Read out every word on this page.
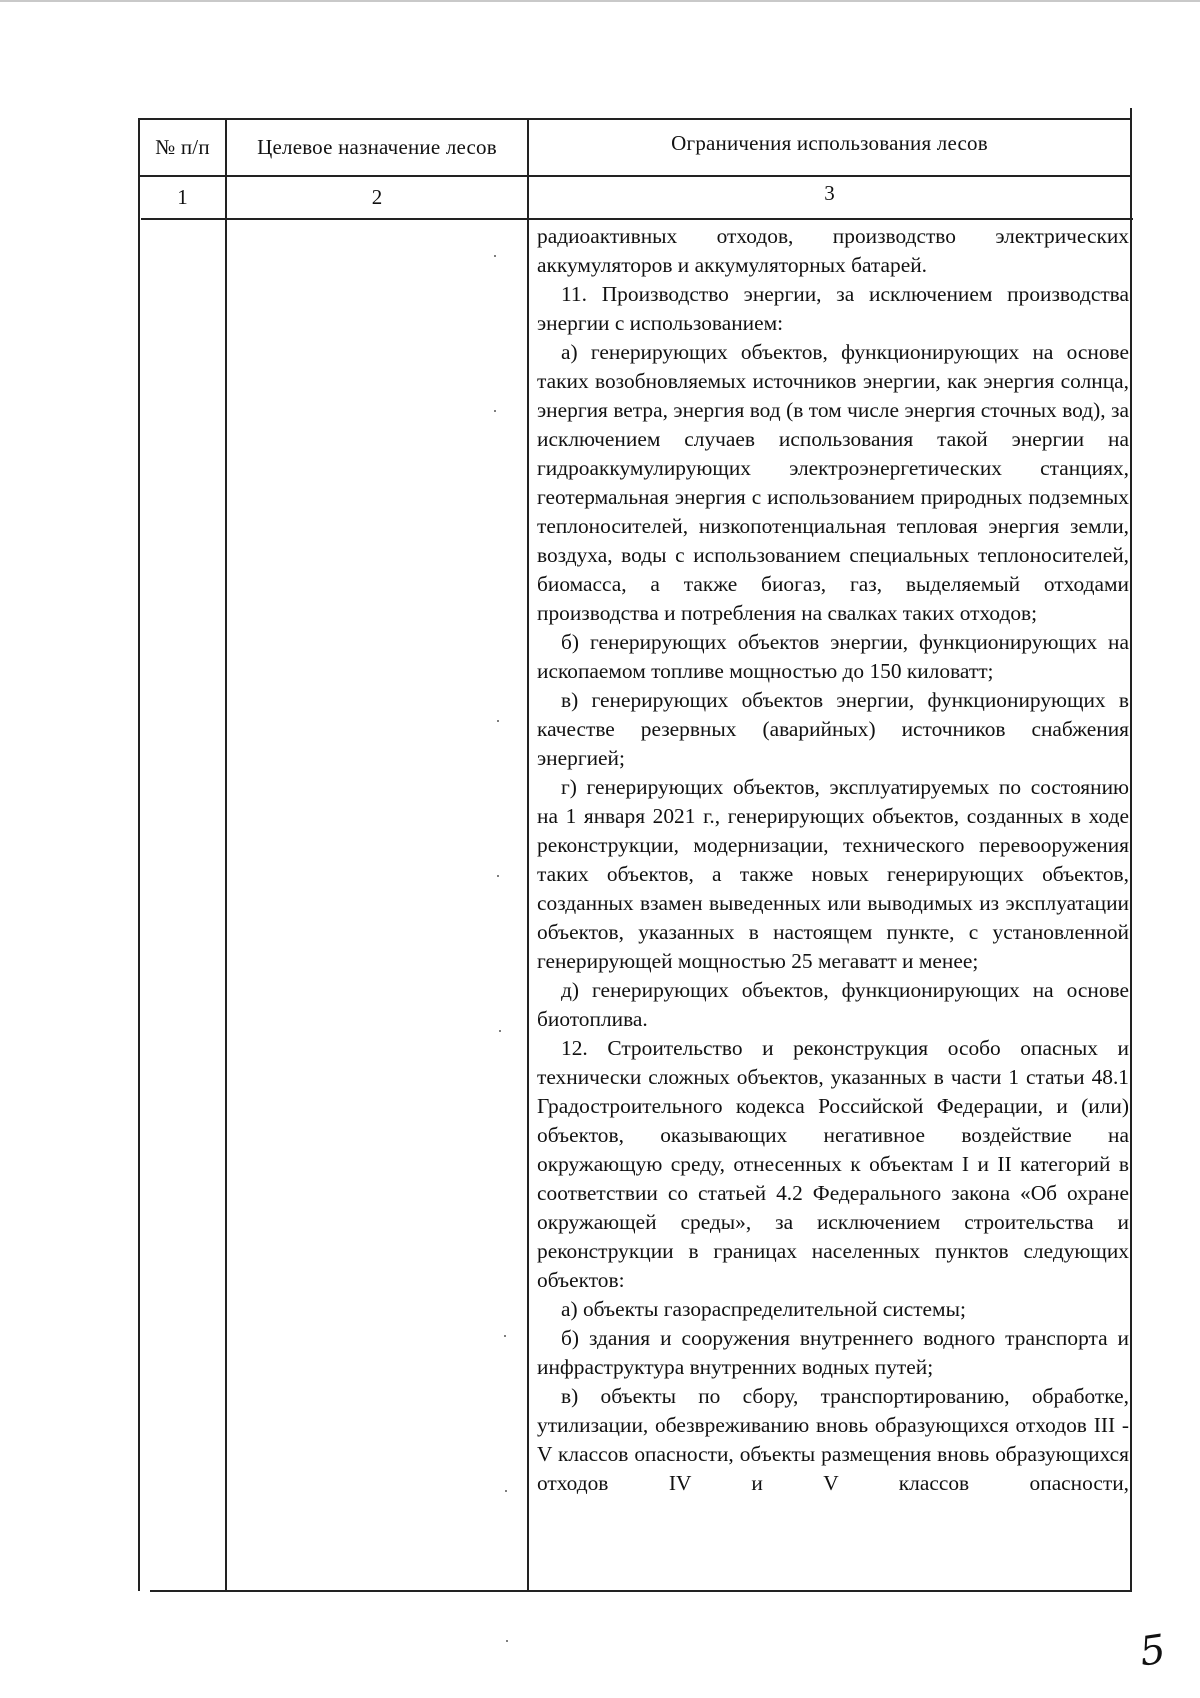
№ п/п	Целевое назначение лесов	Ограничения использования лесов
1	2	3

радиоактивных отходов, производство электрических аккумуляторов и аккумуляторных батарей.

11. Производство энергии, за исключением производства энергии с использованием:

а) генерирующих объектов, функционирующих на основе таких возобновляемых источников энергии, как энергия солнца, энергия ветра, энергия вод (в том числе энергия сточных вод), за исключением случаев использования такой энергии на гидроаккумулирующих электроэнергетических станциях, геотермальная энергия с использованием природных подземных теплоносителей, низкопотенциальная тепловая энергия земли, воздуха, воды с использованием специальных теплоносителей, биомасса, а также биогаз, газ, выделяемый отходами производства и потребления на свалках таких отходов;

б) генерирующих объектов энергии, функционирующих на ископаемом топливе мощностью до 150 киловатт;

в) генерирующих объектов энергии, функционирующих в качестве резервных (аварийных) источников снабжения энергией;

г) генерирующих объектов, эксплуатируемых по состоянию на 1 января 2021 г., генерирующих объектов, созданных в ходе реконструкции, модернизации, технического перевооружения таких объектов, а также новых генерирующих объектов, созданных взамен выведенных или выводимых из эксплуатации объектов, указанных в настоящем пункте, с установленной генерирующей мощностью 25 мегаватт и менее;

д) генерирующих объектов, функционирующих на основе биотоплива.

12. Строительство и реконструкция особо опасных и технически сложных объектов, указанных в части 1 статьи 48.1 Градостроительного кодекса Российской Федерации, и (или) объектов, оказывающих негативное воздействие на окружающую среду, отнесенных к объектам I и II категорий в соответствии со статьей 4.2 Федерального закона «Об охране окружающей среды», за исключением строительства и реконструкции в границах населенных пунктов следующих объектов:

а) объекты газораспределительной системы;

б) здания и сооружения внутреннего водного транспорта и инфраструктура внутренних водных путей;

в) объекты по сбору, транспортированию, обработке, утилизации, обезвреживанию вновь образующихся отходов III - V классов опасности, объекты размещения вновь образующихся отходов IV и V классов опасности,

5
